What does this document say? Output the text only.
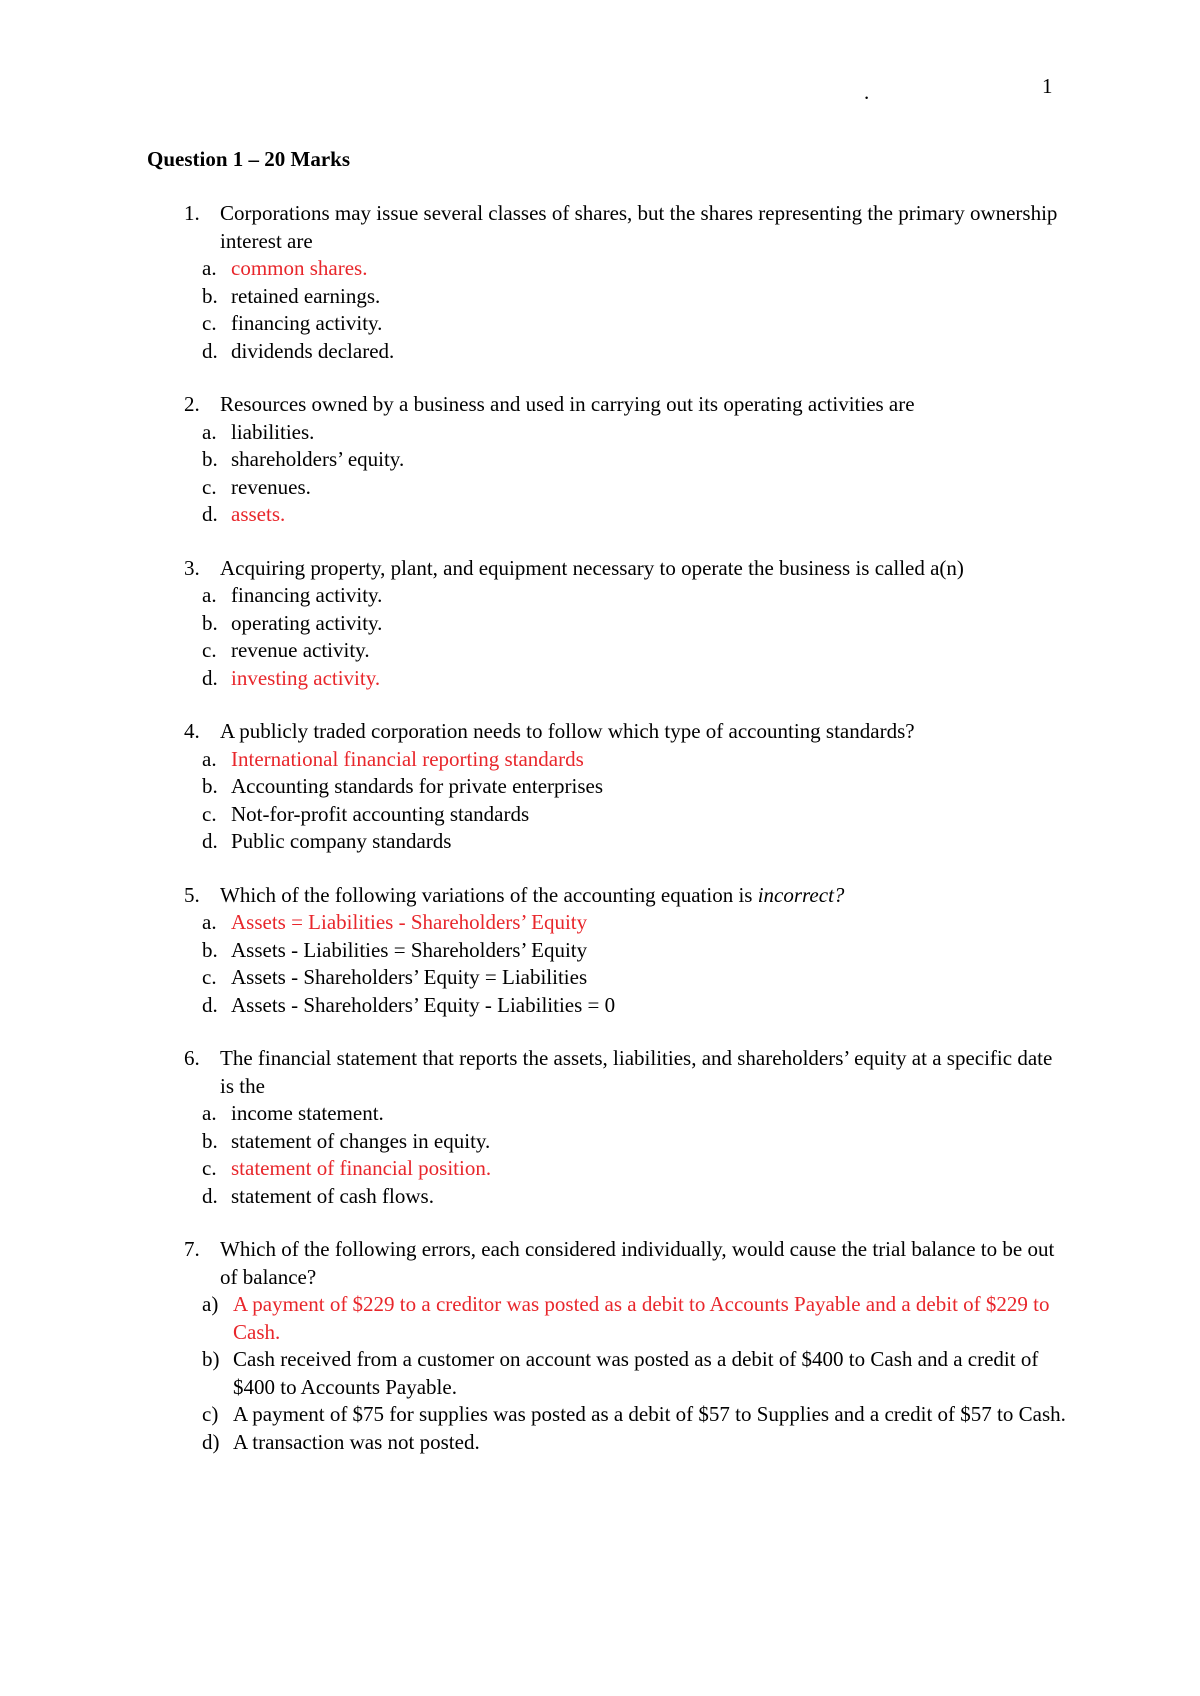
.	1
Question 1 – 20 Marks
1. Corporations may issue several classes of shares, but the shares representing the primary ownership interest are
a. common shares.
b. retained earnings.
c. financing activity.
d. dividends declared.
2. Resources owned by a business and used in carrying out its operating activities are
a. liabilities.
b. shareholders’ equity.
c. revenues.
d. assets.
3. Acquiring property, plant, and equipment necessary to operate the business is called a(n)
a. financing activity.
b. operating activity.
c. revenue activity.
d. investing activity.
4. A publicly traded corporation needs to follow which type of accounting standards?
a. International financial reporting standards
b. Accounting standards for private enterprises
c. Not-for-profit accounting standards
d. Public company standards
5. Which of the following variations of the accounting equation is incorrect?
a. Assets = Liabilities - Shareholders’ Equity
b. Assets - Liabilities = Shareholders’ Equity
c. Assets - Shareholders’ Equity = Liabilities
d. Assets - Shareholders’ Equity - Liabilities = 0
6. The financial statement that reports the assets, liabilities, and shareholders’ equity at a specific date is the
a. income statement.
b. statement of changes in equity.
c. statement of financial position.
d. statement of cash flows.
7. Which of the following errors, each considered individually, would cause the trial balance to be out of balance?
a) A payment of $229 to a creditor was posted as a debit to Accounts Payable and a debit of $229 to Cash.
b) Cash received from a customer on account was posted as a debit of $400 to Cash and a credit of $400 to Accounts Payable.
c) A payment of $75 for supplies was posted as a debit of $57 to Supplies and a credit of $57 to Cash.
d) A transaction was not posted.
